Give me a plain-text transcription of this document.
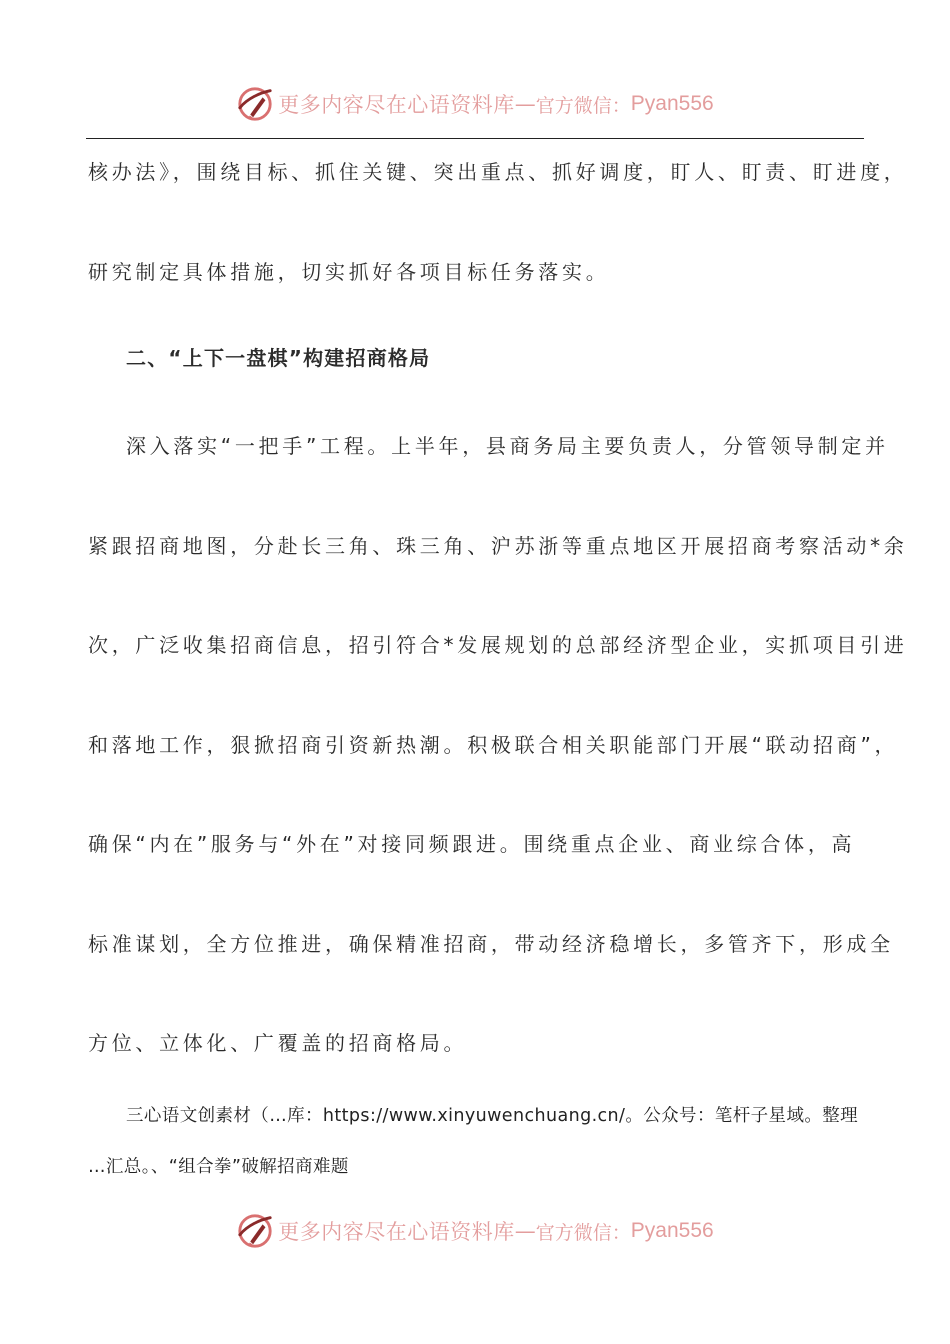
更多内容尽在心语资料库 — 官方微信： Pyan556
核办法》，围绕目标、抓住关键、突出重点、抓好调度，盯人、盯责、盯进度，
研究制定具体措施，切实抓好各项目标任务落实。
二、“上下一盘棋”构建招商格局
深入落实“一把手”工程。上半年，县商务局主要负责人，分管领导制定并
紧跟招商地图，分赴长三角、珠三角、沪苏浙等重点地区开展招商考察活动*余
次，广泛收集招商信息，招引符合*发展规划的总部经济型企业，实抓项目引进
和落地工作，狠掀招商引资新热潮。积极联合相关职能部门开展“联动招商”，
确保“内在”服务与“外在”对接同频跟进。围绕重点企业、商业综合体，高
标准谋划，全方位推进，确保精准招商，带动经济稳增长，多管齐下，形成全
方位、立体化、广覆盖的招商格局。
三心语文创素材（…库：https://www.xinyuwenchuang.cn/。公众号：笔杆子星域。整理
…汇总。、“组合拳”破解招商难题
更多内容尽在心语资料库 — 官方微信： Pyan556
